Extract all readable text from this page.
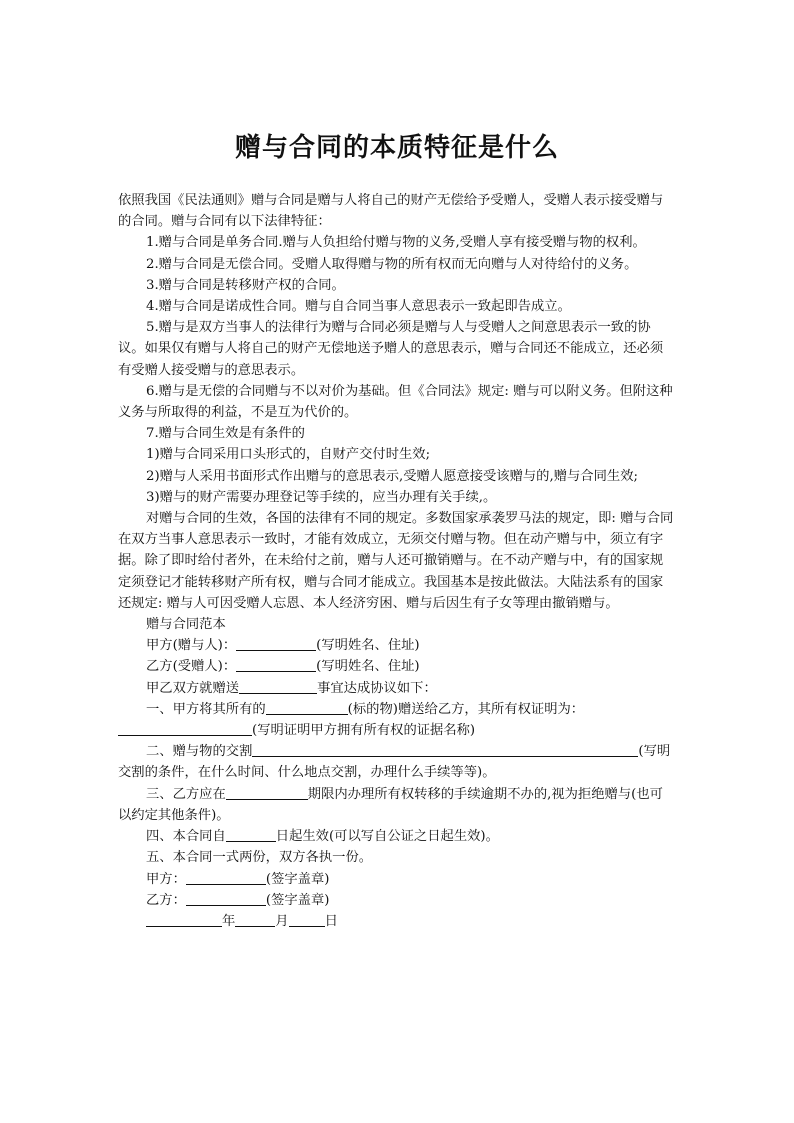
赠与合同的本质特征是什么

依照我国《民法通则》赠与合同是赠与人将自己的财产无偿给予受赠人，受赠人表示接受赠与的合同。赠与合同有以下法律特征：

1.赠与合同是单务合同.赠与人负担给付赠与物的义务,受赠人享有接受赠与物的权利。

2.赠与合同是无偿合同。受赠人取得赠与物的所有权而无向赠与人对待给付的义务。

3.赠与合同是转移财产权的合同。

4.赠与合同是诺成性合同。赠与自合同当事人意思表示一致起即告成立。

5.赠与是双方当事人的法律行为赠与合同必须是赠与人与受赠人之间意思表示一致的协议。如果仅有赠与人将自己的财产无偿地送予赠人的意思表示，赠与合同还不能成立，还必须有受赠人接受赠与的意思表示。

6.赠与是无偿的合同赠与不以对价为基础。但《合同法》规定: 赠与可以附义务。但附这种义务与所取得的利益，不是互为代价的。

7.赠与合同生效是有条件的

1)赠与合同采用口头形式的，自财产交付时生效;

2)赠与人采用书面形式作出赠与的意思表示,受赠人愿意接受该赠与的,赠与合同生效;

3)赠与的财产需要办理登记等手续的，应当办理有关手续,。

对赠与合同的生效，各国的法律有不同的规定。多数国家承袭罗马法的规定，即: 赠与合同在双方当事人意思表示一致时，才能有效成立，无须交付赠与物。但在动产赠与中，须立有字据。除了即时给付者外，在未给付之前，赠与人还可撤销赠与。在不动产赠与中，有的国家规定须登记才能转移财产所有权，赠与合同才能成立。我国基本是按此做法。大陆法系有的国家还规定: 赠与人可因受赠人忘恩、本人经济穷困、赠与后因生有子女等理由撤销赠与。

赠与合同范本

甲方(赠与人)：	(写明姓名、住址)

乙方(受赠人)：	(写明姓名、住址)

甲乙双方就赠送	事宜达成协议如下：

一、甲方将其所有的	(标的物)赠送给乙方，其所有权证明为：(写明证明甲方拥有所有权的证据名称)

二、赠与物的交割	(写明交割的条件，在什么时间、什么地点交割，办理什么手续等等)。

三、乙方应在	期限内办理所有权转移的手续逾期不办的,视为拒绝赠与(也可以约定其他条件)。

四、本合同自	日起生效(可以写自公证之日起生效)。

五、本合同一式两份，双方各执一份。

甲方：	(签字盖章)

乙方：	(签字盖章)

年	月	日
